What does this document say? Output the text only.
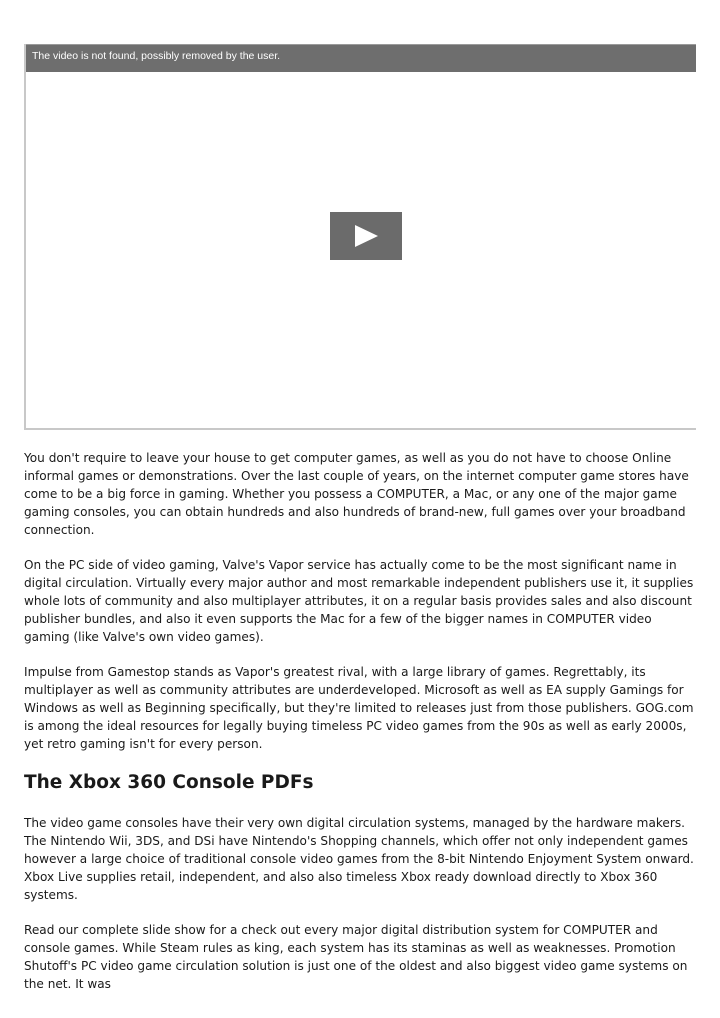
The video is not found, possibly removed by the user.

You don't require to leave your house to get computer games, as well as you do not have to choose Online informal games or demonstrations. Over the last couple of years, on the internet computer game stores have come to be a big force in gaming. Whether you possess a COMPUTER, a Mac, or any one of the major game gaming consoles, you can obtain hundreds and also hundreds of brand-new, full games over your broadband connection.

On the PC side of video gaming, Valve's Vapor service has actually come to be the most significant name in digital circulation. Virtually every major author and most remarkable independent publishers use it, it supplies whole lots of community and also multiplayer attributes, it on a regular basis provides sales and also discount publisher bundles, and also it even supports the Mac for a few of the bigger names in COMPUTER video gaming (like Valve's own video games).

Impulse from Gamestop stands as Vapor's greatest rival, with a large library of games. Regrettably, its multiplayer as well as community attributes are underdeveloped. Microsoft as well as EA supply Gamings for Windows as well as Beginning specifically, but they're limited to releases just from those publishers. GOG.com is among the ideal resources for legally buying timeless PC video games from the 90s as well as early 2000s, yet retro gaming isn't for every person.

The Xbox 360 Console PDFs

The video game consoles have their very own digital circulation systems, managed by the hardware makers. The Nintendo Wii, 3DS, and DSi have Nintendo's Shopping channels, which offer not only independent games however a large choice of traditional console video games from the 8-bit Nintendo Enjoyment System onward. Xbox Live supplies retail, independent, and also also timeless Xbox ready download directly to Xbox 360 systems.

Read our complete slide show for a check out every major digital distribution system for COMPUTER and console games. While Steam rules as king, each system has its staminas as well as weaknesses. Promotion Shutoff's PC video game circulation solution is just one of the oldest and also biggest video game systems on the net. It was
